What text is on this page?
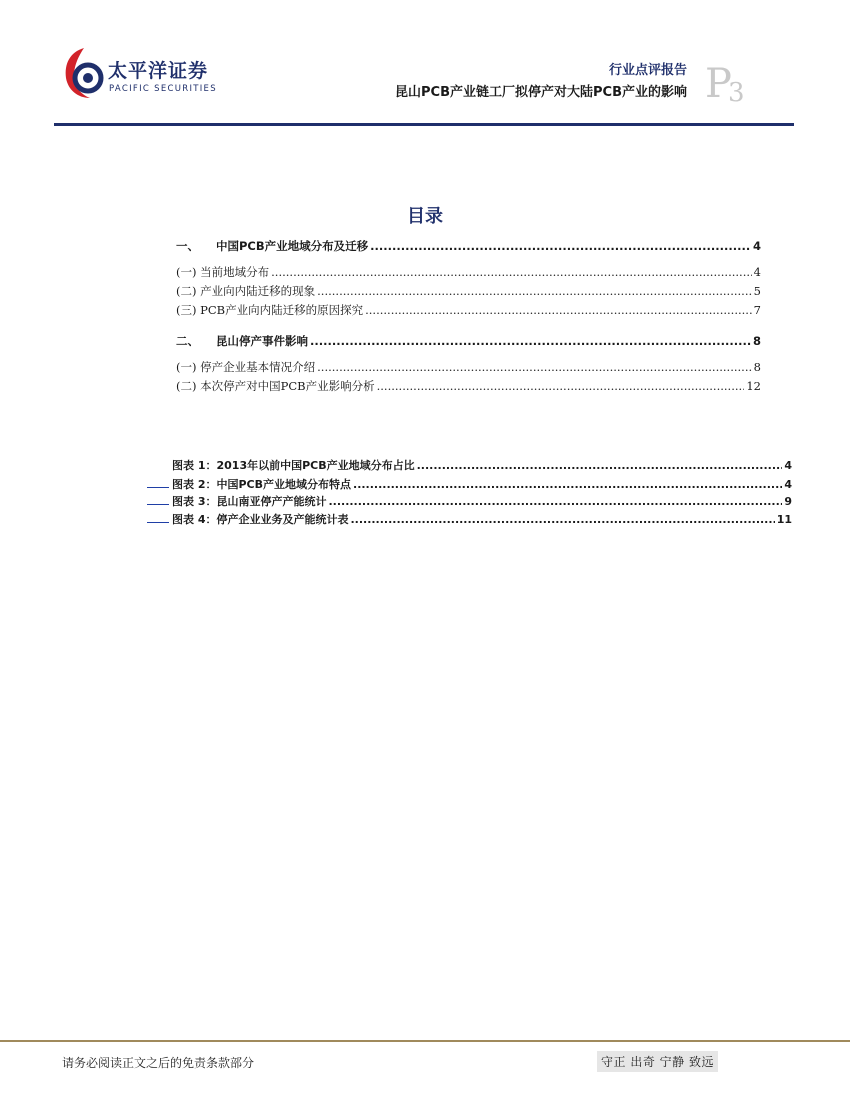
太平洋证券
PACIFIC SECURITIES
行业点评报告
昆山PCB产业链工厂拟停产对大陆PCB产业的影响 P
3
目录
一、	中国PCB产业地域分布及迁移 .....	4
(一) 当前地域分布 .....	4
(二) 产业向内陆迁移的现象 .....	5
(三) PCB产业向内陆迁移的原因探究 .....	7
二、	昆山停产事件影响 .....	8
(一) 停产企业基本情况介绍 .....	8
(二) 本次停产对中国PCB产业影响分析 .....	12
图表 1：2013年以前中国PCB产业地域分布占比 .....	4
图表 2：中国PCB产业地域分布特点 .....	4
图表 3：昆山南亚停产产能统计 .....	9
图表 4：停产企业业务及产能统计表 .....	11
请务必阅读正文之后的免责条款部分	守正 出奇 宁静 致远
